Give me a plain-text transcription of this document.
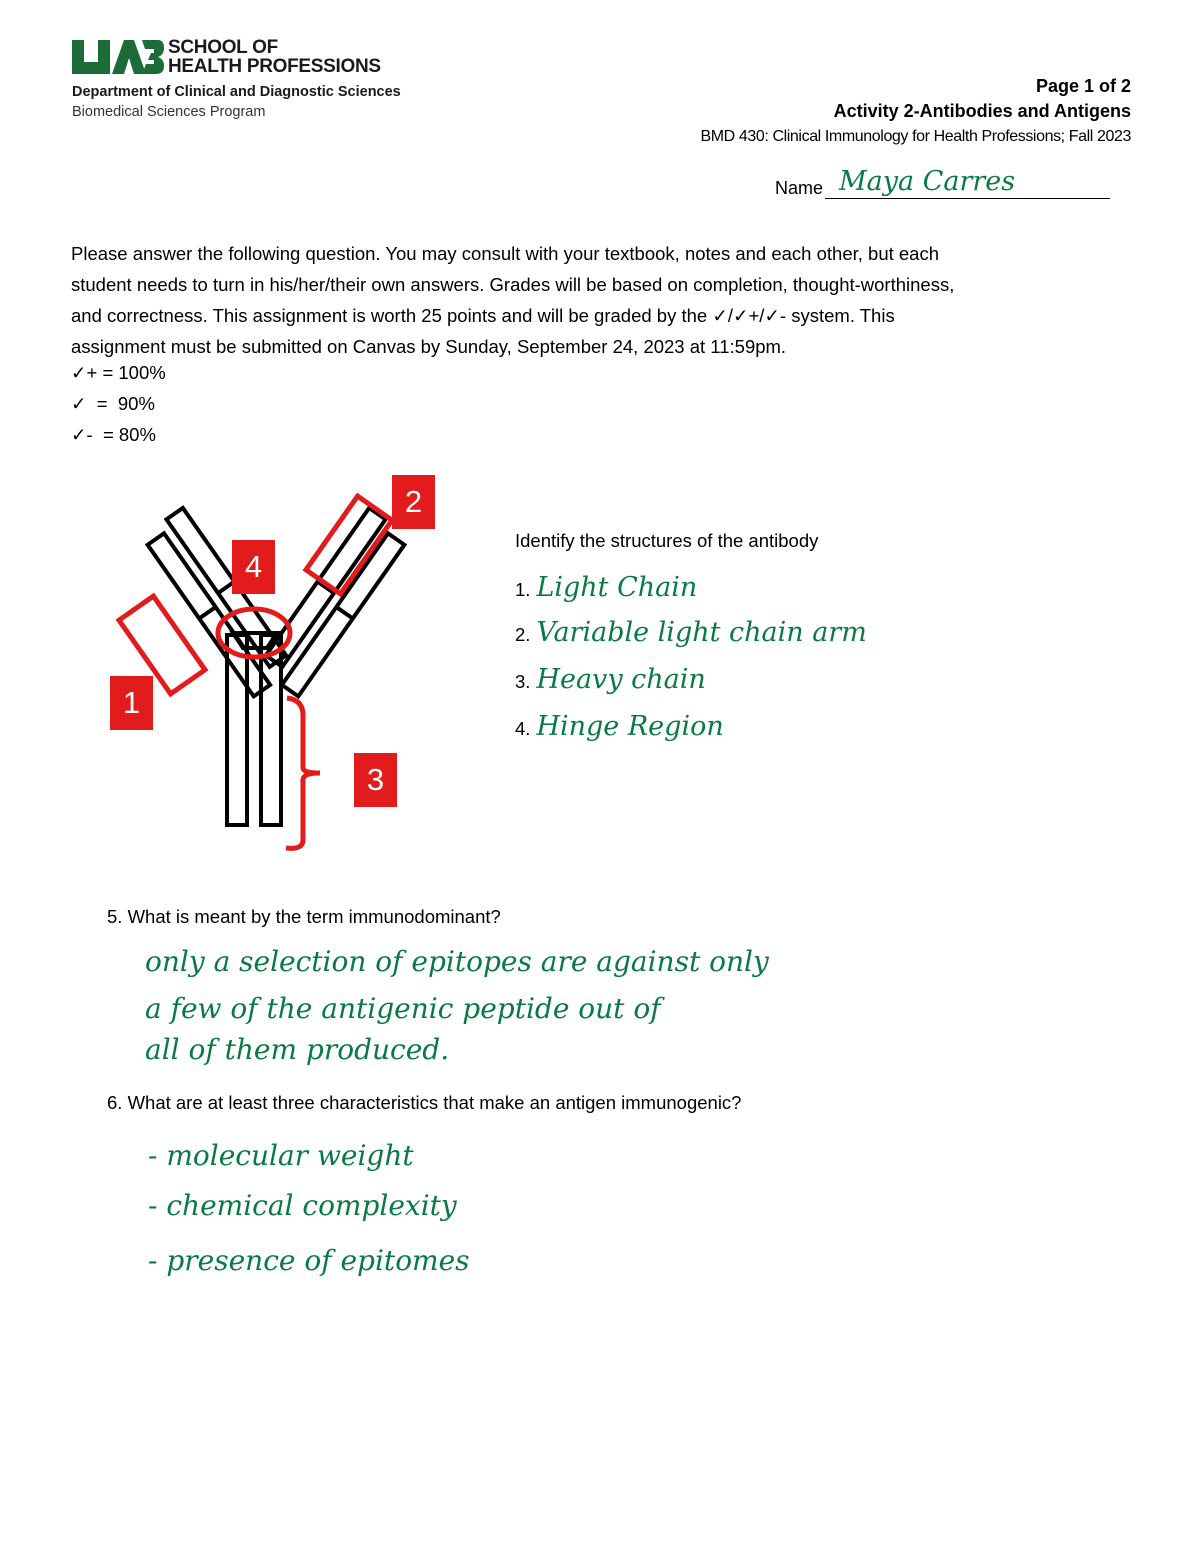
SCHOOL OF
HEALTH PROFESSIONS
Department of Clinical and Diagnostic Sciences
Biomedical Sciences Program
Page 1 of 2
Activity 2-Antibodies and Antigens
BMD 430: Clinical Immunology for Health Professions; Fall 2023
Name Maya Carres
Please answer the following question. You may consult with your textbook, notes and each other, but each
student needs to turn in his/her/their own answers. Grades will be based on completion, thought-worthiness,
and correctness. This assignment is worth 25 points and will be graded by the ✓/✓+/✓- system. This
assignment must be submitted on Canvas by Sunday, September 24, 2023 at 11:59pm.
✓+ = 100%
✓  =  90%
✓-  = 80%
1
2
3
4
Identify the structures of the antibody
1. Light Chain
2. Variable light chain arm
3. Heavy chain
4. Hinge Region
5. What is meant by the term immunodominant?
only a selection of epitopes are against only
a few of the antigenic peptide out of
all of them produced.
6. What are at least three characteristics that make an antigen immunogenic?
- molecular weight
- chemical complexity
- presence of epitomes
